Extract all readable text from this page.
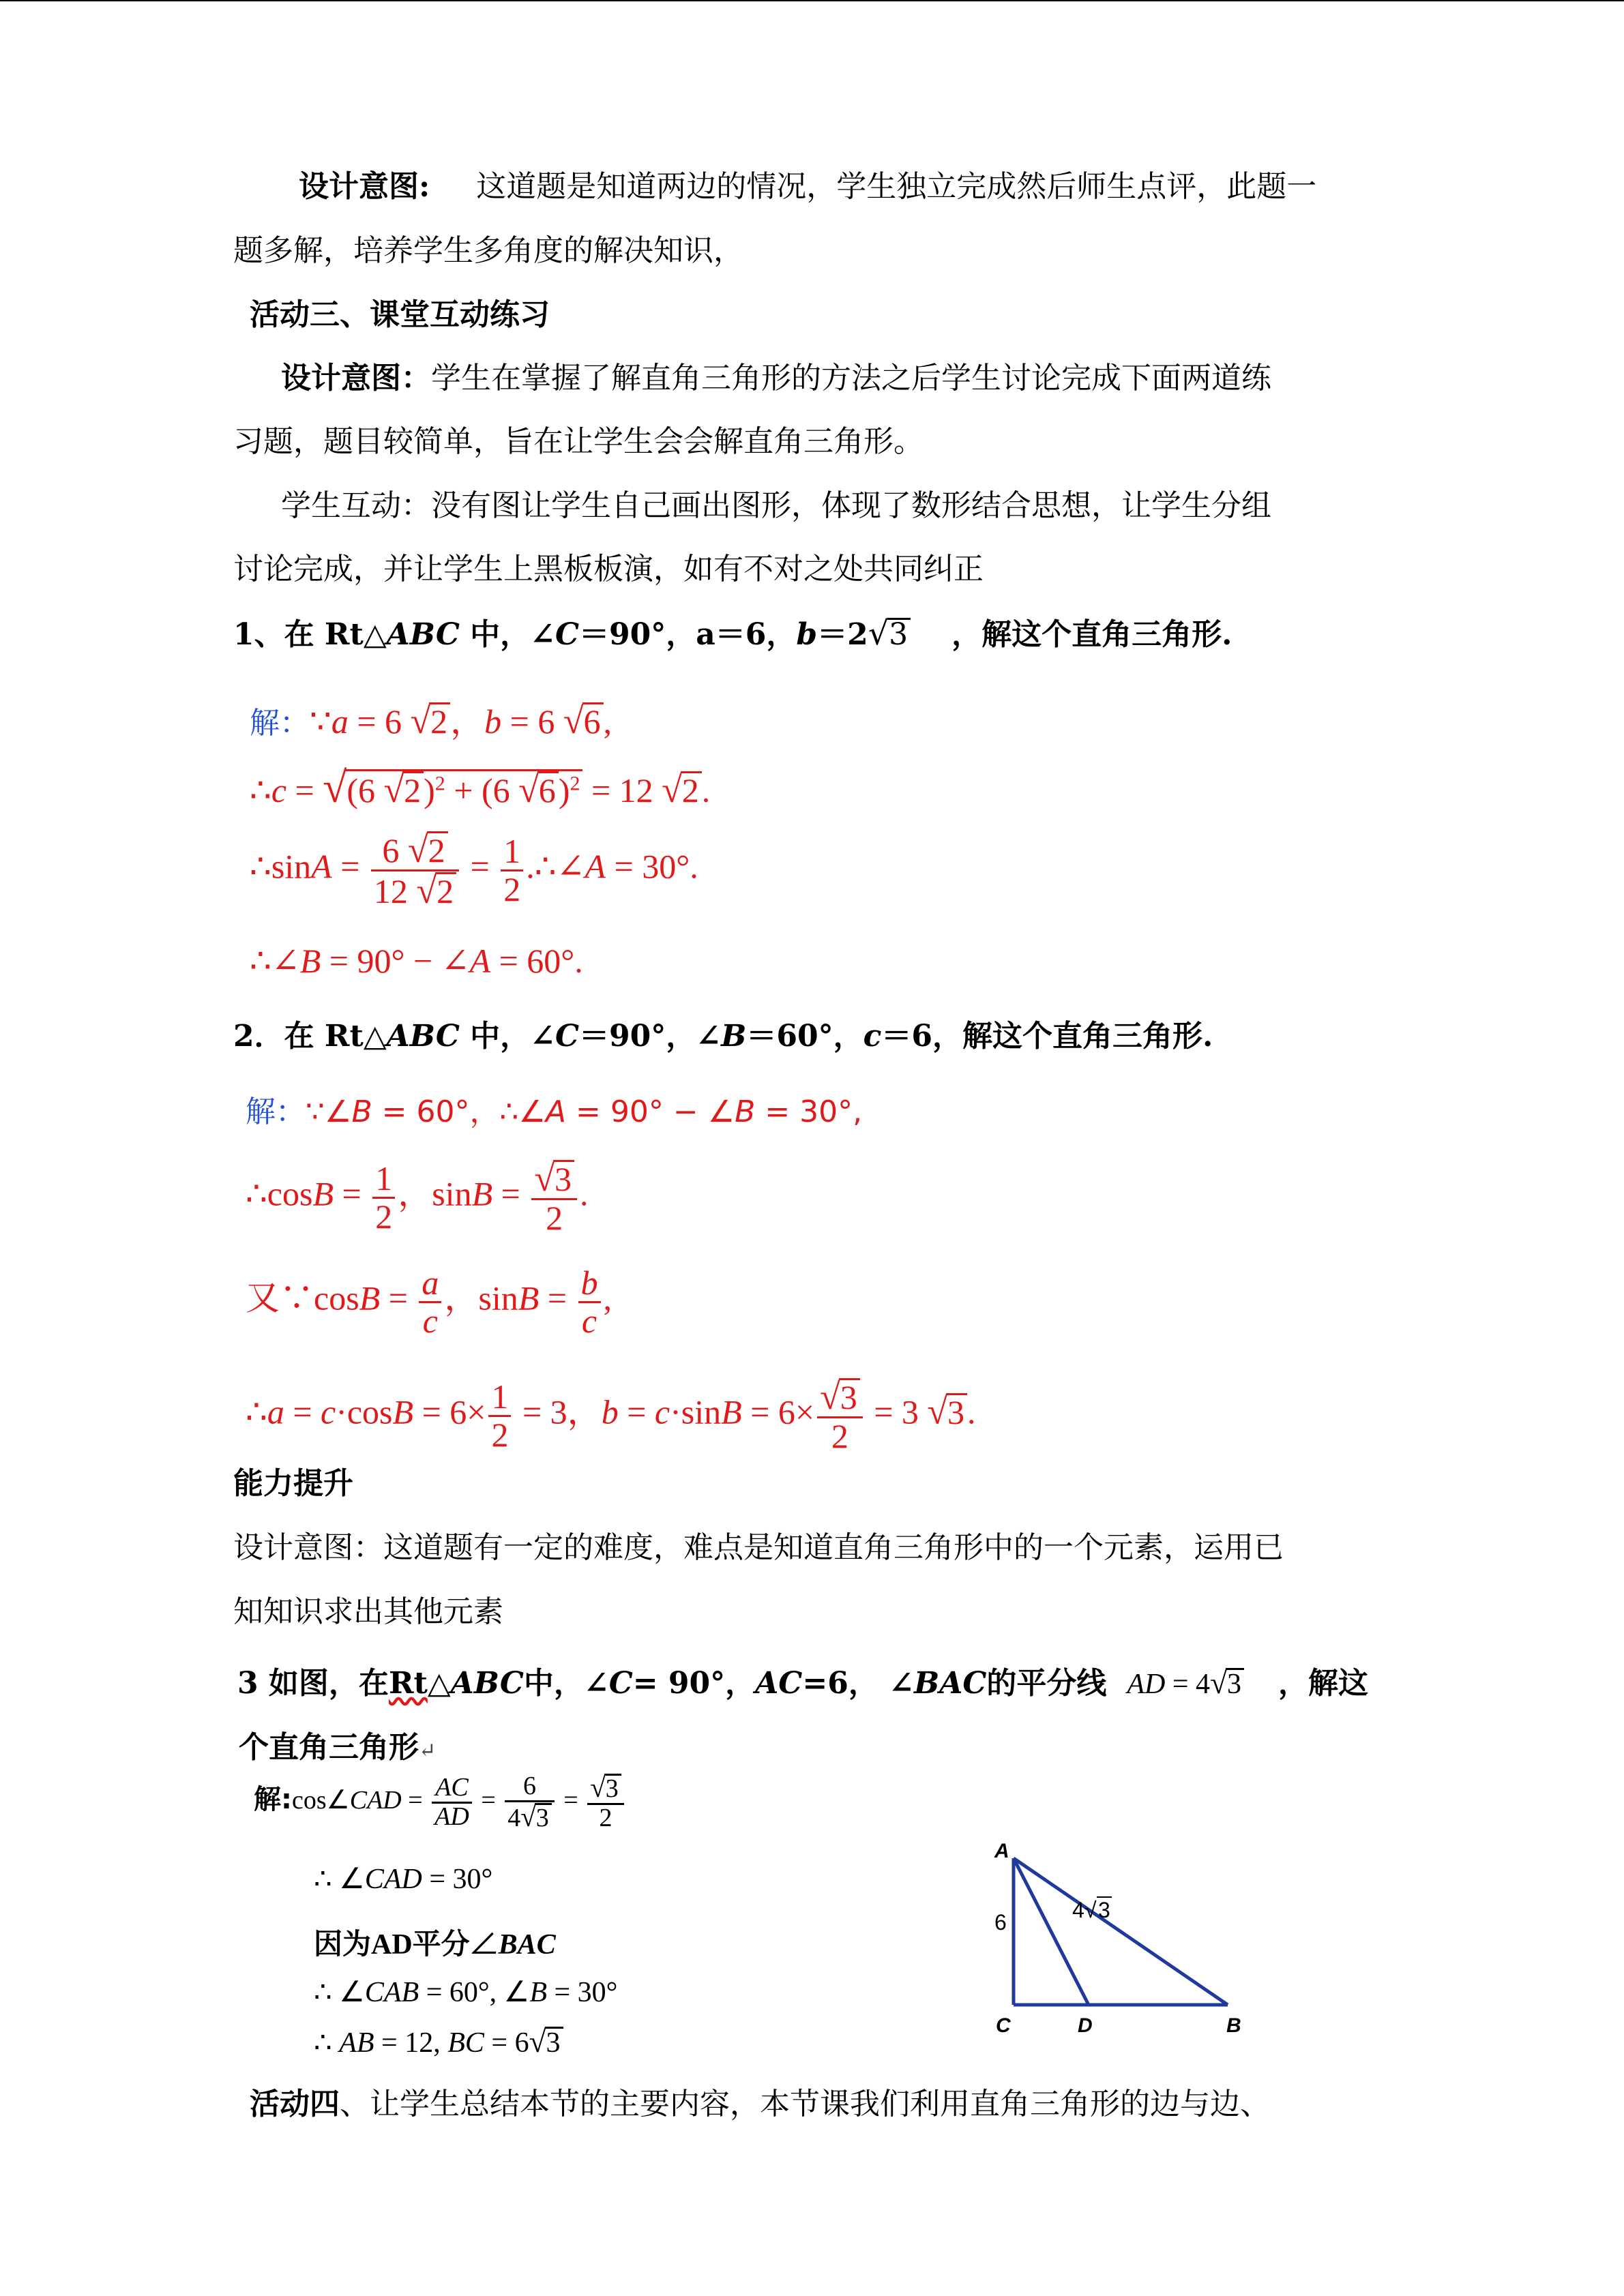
设计意图: 这道题是知道两边的情况，学生独立完成然后师生点评，此题一
题多解，培养学生多角度的解决知识，
活动三、课堂互动练习
设计意图：学生在掌握了解直角三角形的方法之后学生讨论完成下面两道练
习题，题目较简单，旨在让学生会会解直角三角形。
学生互动：没有图让学生自己画出图形，体现了数形结合思想，让学生分组
讨论完成，并让学生上黑板板演，如有不对之处共同纠正
1、在 Rt△ABC 中，∠C＝90°，a＝6，b＝2√3 ，解这个直角三角形.
解：∵a = 6 √2，b = 6 √6,
∴c = √(6 √2)$^2$ + (6 √6)$^2$ = 12 √2.
∴sinA = $\frac{6 √2}{12 √2} = \frac{1}{2}$ .∴∠A = 30°.
∴∠B = 90° − ∠A = 60°.
2．在 Rt△ABC 中，∠C＝90°，∠B＝60°，c＝6，解这个直角三角形.
解：∵∠B = 60°，∴∠A = 90° − ∠B = 30°,
∴cosB = $\frac{1}{2}$ ，$\sin B = \frac{√3}{2}$ .
又∵cosB = $\frac{a}{c}$ ，$\sin B = \frac{b}{c}$ ,
∴a = $c\cdot\cos B = 6\times \frac{1}{2} = 3$，$b = c\cdot\sin B = 6\times \frac{√3}{2} = 3$ √3.
能力提升
设计意图：这道题有一定的难度，难点是知道直角三角形中的一个元素，运用已
知知识求出其他元素
3 如图，在Rt△ABC中，∠C= 90°，AC=6， ∠BAC的平分线 AD = 4√3 ，解这
个直角三角形↵
解:cos∠CAD = $\frac{AC}{AD} = \frac{6}{4√3} = \frac{√3}{2}$
∴ ∠CAD = 30°
因为AD平分∠BAC
∴ ∠CAB = 60°, ∠B = 30°
∴ AB = 12, BC = 6√3
A
C	D	B
6	4 √ 3
活动四、让学生总结本节的主要内容，本节课我们利用直角三角形的边与边、
